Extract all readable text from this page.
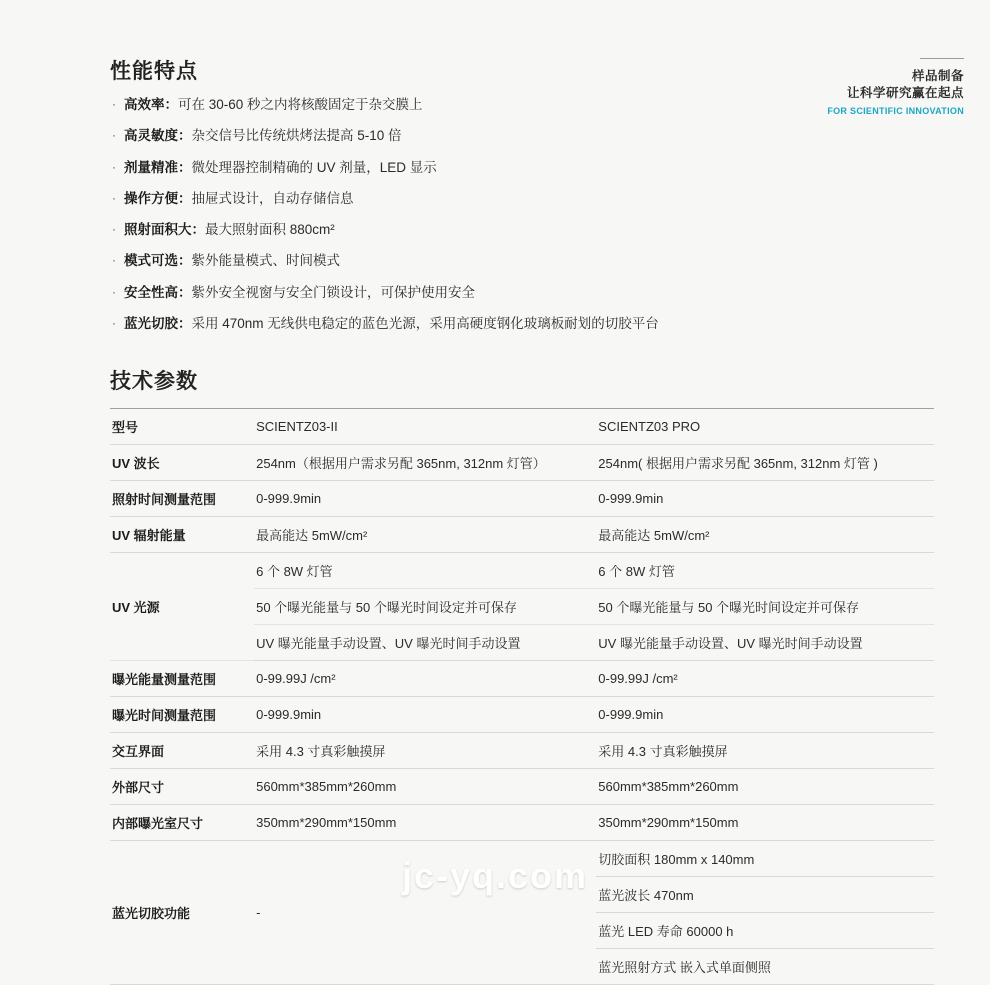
样品制备
让科学研究赢在起点
FOR SCIENTIFIC INNOVATION
性能特点
· 高效率：可在 30-60 秒之内将核酸固定于杂交膜上
· 高灵敏度：杂交信号比传统烘烤法提高 5-10 倍
· 剂量精准：微处理器控制精确的 UV 剂量，LED 显示
· 操作方便：抽屉式设计，自动存储信息
· 照射面积大：最大照射面积 880cm²
· 模式可选：紫外能量模式、时间模式
· 安全性高：紫外安全视窗与安全门锁设计，可保护使用安全
· 蓝光切胶：采用 470nm 无线供电稳定的蓝色光源，采用高硬度钢化玻璃板耐划的切胶平台
技术参数
型号	SCIENTZ03-II	SCIENTZ03 PRO
UV 波长	254nm（根据用户需求另配 365nm, 312nm 灯管）	254nm( 根据用户需求另配 365nm, 312nm 灯管 )
照射时间测量范围	0-999.9min	0-999.9min
UV 辐射能量	最高能达 5mW/cm²	最高能达 5mW/cm²
UV 光源	6 个 8W 灯管	6 个 8W 灯管
	50 个曝光能量与 50 个曝光时间设定并可保存	50 个曝光能量与 50 个曝光时间设定并可保存
	UV 曝光能量手动设置、UV 曝光时间手动设置	UV 曝光能量手动设置、UV 曝光时间手动设置
曝光能量测量范围	0-99.99J /cm²	0-99.99J /cm²
曝光时间测量范围	0-999.9min	0-999.9min
交互界面	采用 4.3 寸真彩触摸屏	采用 4.3 寸真彩触摸屏
外部尺寸	560mm*385mm*260mm	560mm*385mm*260mm
内部曝光室尺寸	350mm*290mm*150mm	350mm*290mm*150mm
蓝光切胶功能	-	切胶面积 180mm x 140mm
		蓝光波长 470nm
		蓝光 LED 寿命 60000 h
		蓝光照射方式 嵌入式单面侧照
jc-yq.com
